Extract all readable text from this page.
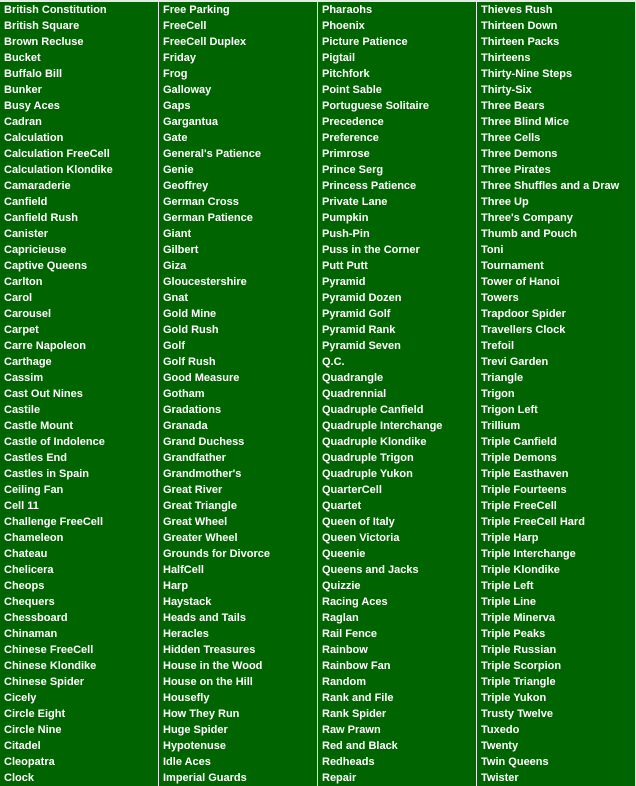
British Constitution
British Square
Brown Recluse
Bucket
Buffalo Bill
Bunker
Busy Aces
Cadran
Calculation
Calculation FreeCell
Calculation Klondike
Camaraderie
Canfield
Canfield Rush
Canister
Capricieuse
Captive Queens
Carlton
Carol
Carousel
Carpet
Carre Napoleon
Carthage
Cassim
Cast Out Nines
Castile
Castle Mount
Castle of Indolence
Castles End
Castles in Spain
Ceiling Fan
Cell 11
Challenge FreeCell
Chameleon
Chateau
Chelicera
Cheops
Chequers
Chessboard
Chinaman
Chinese FreeCell
Chinese Klondike
Chinese Spider
Cicely
Circle Eight
Circle Nine
Citadel
Cleopatra
Clock
Free Parking
FreeCell
FreeCell Duplex
Friday
Frog
Galloway
Gaps
Gargantua
Gate
General's Patience
Genie
Geoffrey
German Cross
German Patience
Giant
Gilbert
Giza
Gloucestershire
Gnat
Gold Mine
Gold Rush
Golf
Golf Rush
Good Measure
Gotham
Gradations
Granada
Grand Duchess
Grandfather
Grandmother's
Great River
Great Triangle
Great Wheel
Greater Wheel
Grounds for Divorce
HalfCell
Harp
Haystack
Heads and Tails
Heracles
Hidden Treasures
House in the Wood
House on the Hill
Housefly
How They Run
Huge Spider
Hypotenuse
Idle Aces
Imperial Guards
Pharaohs
Phoenix
Picture Patience
Pigtail
Pitchfork
Point Sable
Portuguese Solitaire
Precedence
Preference
Primrose
Prince Serg
Princess Patience
Private Lane
Pumpkin
Push-Pin
Puss in the Corner
Putt Putt
Pyramid
Pyramid Dozen
Pyramid Golf
Pyramid Rank
Pyramid Seven
Q.C.
Quadrangle
Quadrennial
Quadruple Canfield
Quadruple Interchange
Quadruple Klondike
Quadruple Trigon
Quadruple Yukon
QuarterCell
Quartet
Queen of Italy
Queen Victoria
Queenie
Queens and Jacks
Quizzie
Racing Aces
Raglan
Rail Fence
Rainbow
Rainbow Fan
Random
Rank and File
Rank Spider
Raw Prawn
Red and Black
Redheads
Repair
Thieves Rush
Thirteen Down
Thirteen Packs
Thirteens
Thirty-Nine Steps
Thirty-Six
Three Bears
Three Blind Mice
Three Cells
Three Demons
Three Pirates
Three Shuffles and a Draw
Three Up
Three's Company
Thumb and Pouch
Toni
Tournament
Tower of Hanoi
Towers
Trapdoor Spider
Travellers Clock
Trefoil
Trevi Garden
Triangle
Trigon
Trigon Left
Trillium
Triple Canfield
Triple Demons
Triple Easthaven
Triple Fourteens
Triple FreeCell
Triple FreeCell Hard
Triple Harp
Triple Interchange
Triple Klondike
Triple Left
Triple Line
Triple Minerva
Triple Peaks
Triple Russian
Triple Scorpion
Triple Triangle
Triple Yukon
Trusty Twelve
Tuxedo
Twenty
Twin Queens
Twister
